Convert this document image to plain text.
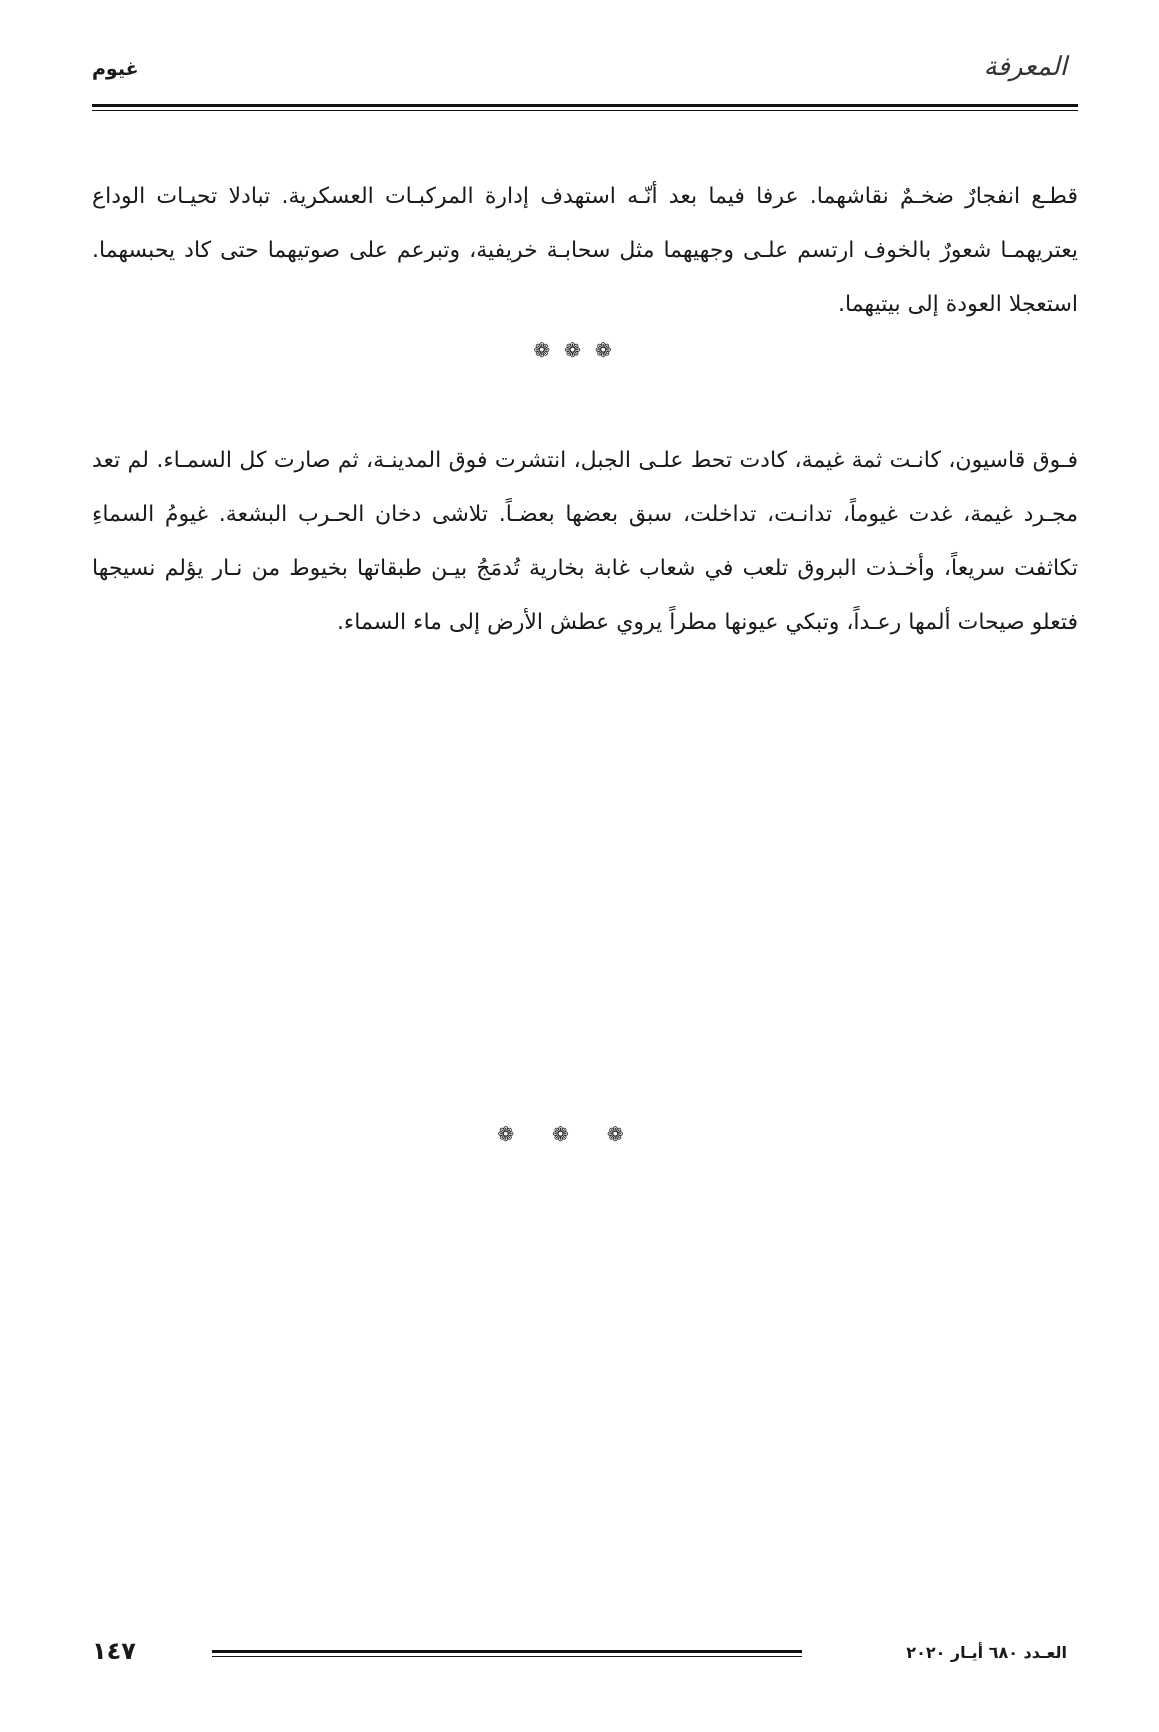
المعرفة
غيوم

قطـع انفجارٌ ضخـمٌ نقاشهما. عرفا فيما بعد أنّـه استهدف إدارة المركبـات العسكرية. تبادلا تحيـات الوداع يعتريهمـا شعورٌ بالخوف ارتسم علـى وجهيهما مثل سحابـة خريفية، وتبرعم على صوتيهما حتى كاد يحبسهما. استعجلا العودة إلى بيتيهما.

❁❁❁

فـوق قاسيون، كانـت ثمة غيمة، كادت تحط علـى الجبل، انتشرت فوق المدينـة، ثم صارت كل السمـاء. لم تعد مجـرد غيمة، غدت غيوماً، تدانـت، تداخلت، سبق بعضها بعضـاً. تلاشى دخان الحـرب البشعة. غيومُ السماءِ تكاثفت سريعاً، وأخـذت البروق تلعب في شعاب غابة بخارية تُدمَجُ بيـن طبقاتها بخيوط من نـار يؤلم نسيجها فتعلو صيحات ألمها رعـداً، وتبكي عيونها مطراً يروي عطش الأرض إلى ماء السماء.

❁❁❁
١٤٧	العـدد ٦٨٠ أيـار ٢٠٢٠
